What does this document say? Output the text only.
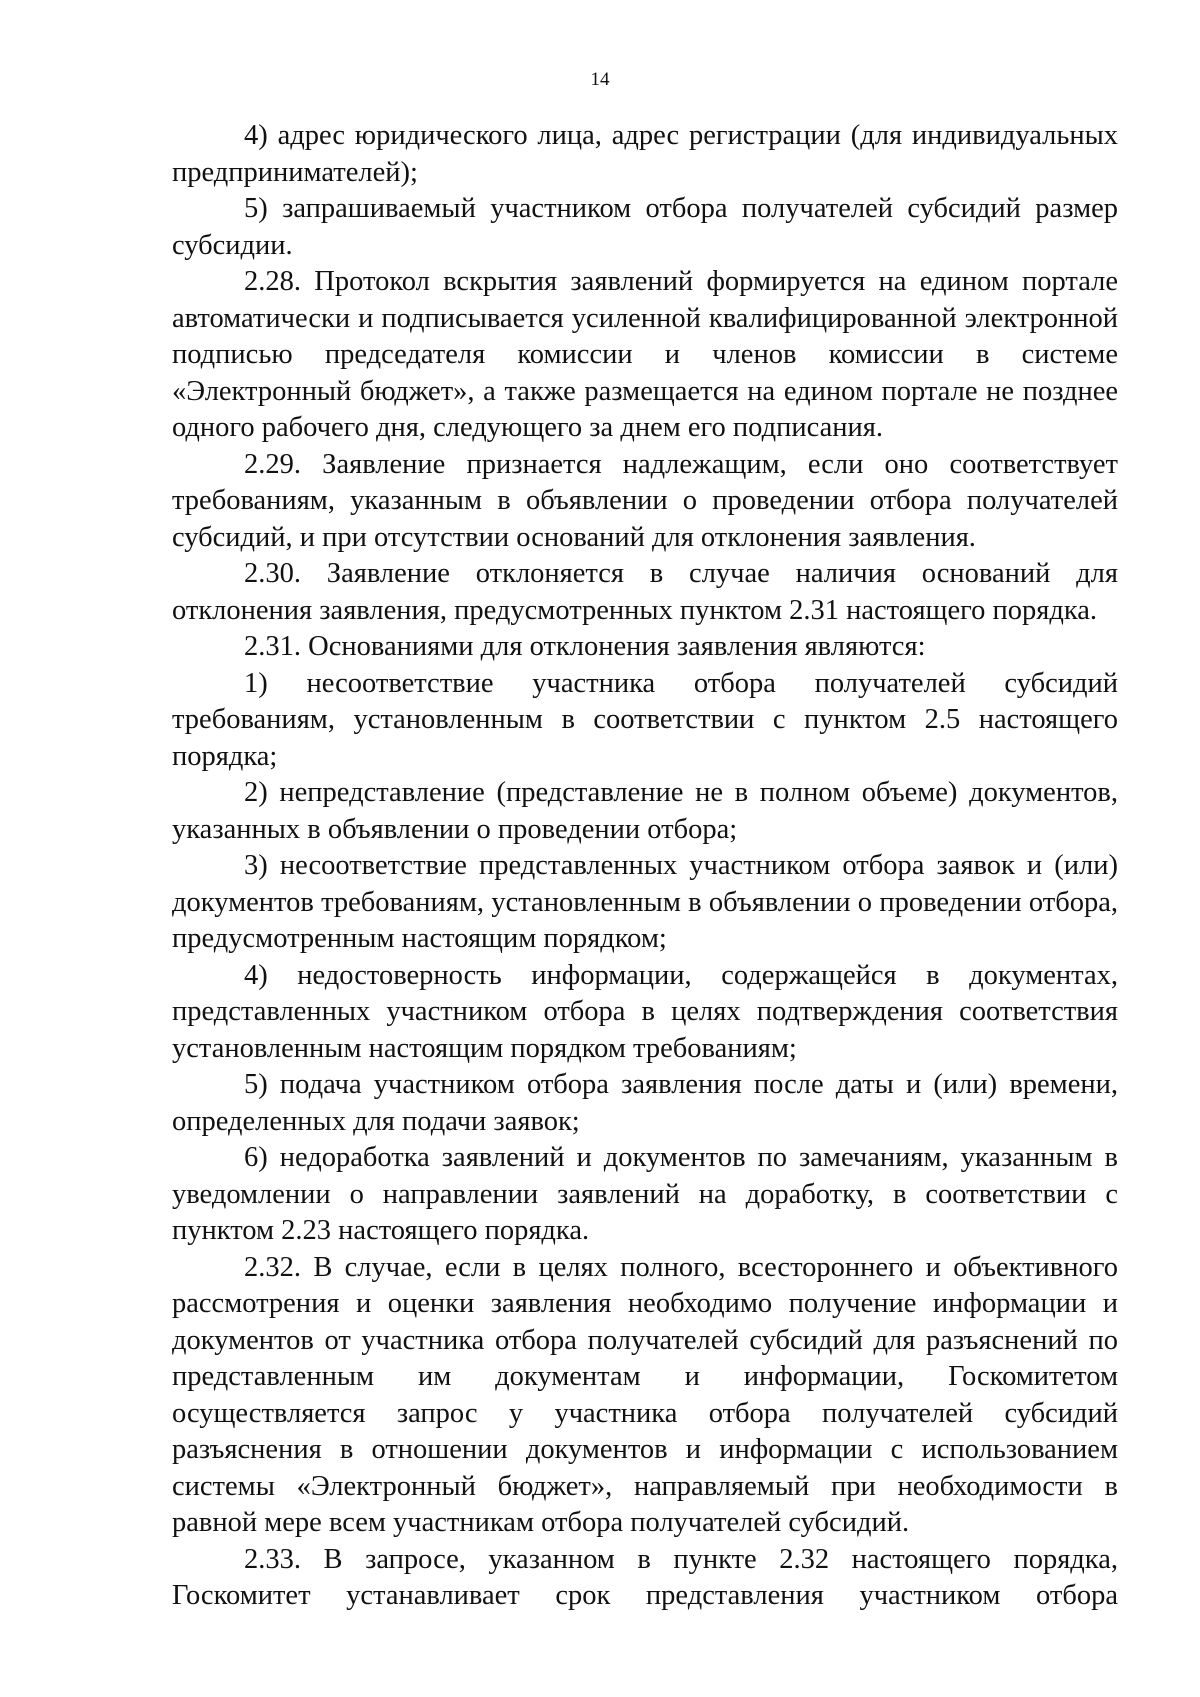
14

4) адрес юридического лица, адрес регистрации (для индивидуальных предпринимателей);

5) запрашиваемый участником отбора получателей субсидий размер субсидии.

2.28. Протокол вскрытия заявлений формируется на едином портале автоматически и подписывается усиленной квалифицированной электронной подписью председателя комиссии и членов комиссии в системе «Электронный бюджет», а также размещается на едином портале не позднее одного рабочего дня, следующего за днем его подписания.

2.29. Заявление признается надлежащим, если оно соответствует требованиям, указанным в объявлении о проведении отбора получателей субсидий, и при отсутствии оснований для отклонения заявления.

2.30. Заявление отклоняется в случае наличия оснований для отклонения заявления, предусмотренных пунктом 2.31 настоящего порядка.

2.31. Основаниями для отклонения заявления являются:

1) несоответствие участника отбора получателей субсидий требованиям, установленным в соответствии с пунктом 2.5 настоящего порядка;

2) непредставление (представление не в полном объеме) документов, указанных в объявлении о проведении отбора;

3) несоответствие представленных участником отбора заявок и (или) документов требованиям, установленным в объявлении о проведении отбора, предусмотренным настоящим порядком;

4) недостоверность информации, содержащейся в документах, представленных участником отбора в целях подтверждения соответствия установленным настоящим порядком требованиям;

5) подача участником отбора заявления после даты и (или) времени, определенных для подачи заявок;

6) недоработка заявлений и документов по замечаниям, указанным в уведомлении о направлении заявлений на доработку, в соответствии с пунктом 2.23 настоящего порядка.

2.32. В случае, если в целях полного, всестороннего и объективного рассмотрения и оценки заявления необходимо получение информации и документов от участника отбора получателей субсидий для разъяснений по представленным им документам и информации, Госкомитетом осуществляется запрос у участника отбора получателей субсидий разъяснения в отношении документов и информации с использованием системы «Электронный бюджет», направляемый при необходимости в равной мере всем участникам отбора получателей субсидий.

2.33. В запросе, указанном в пункте 2.32 настоящего порядка, Госкомитет устанавливает срок представления участником отбора
